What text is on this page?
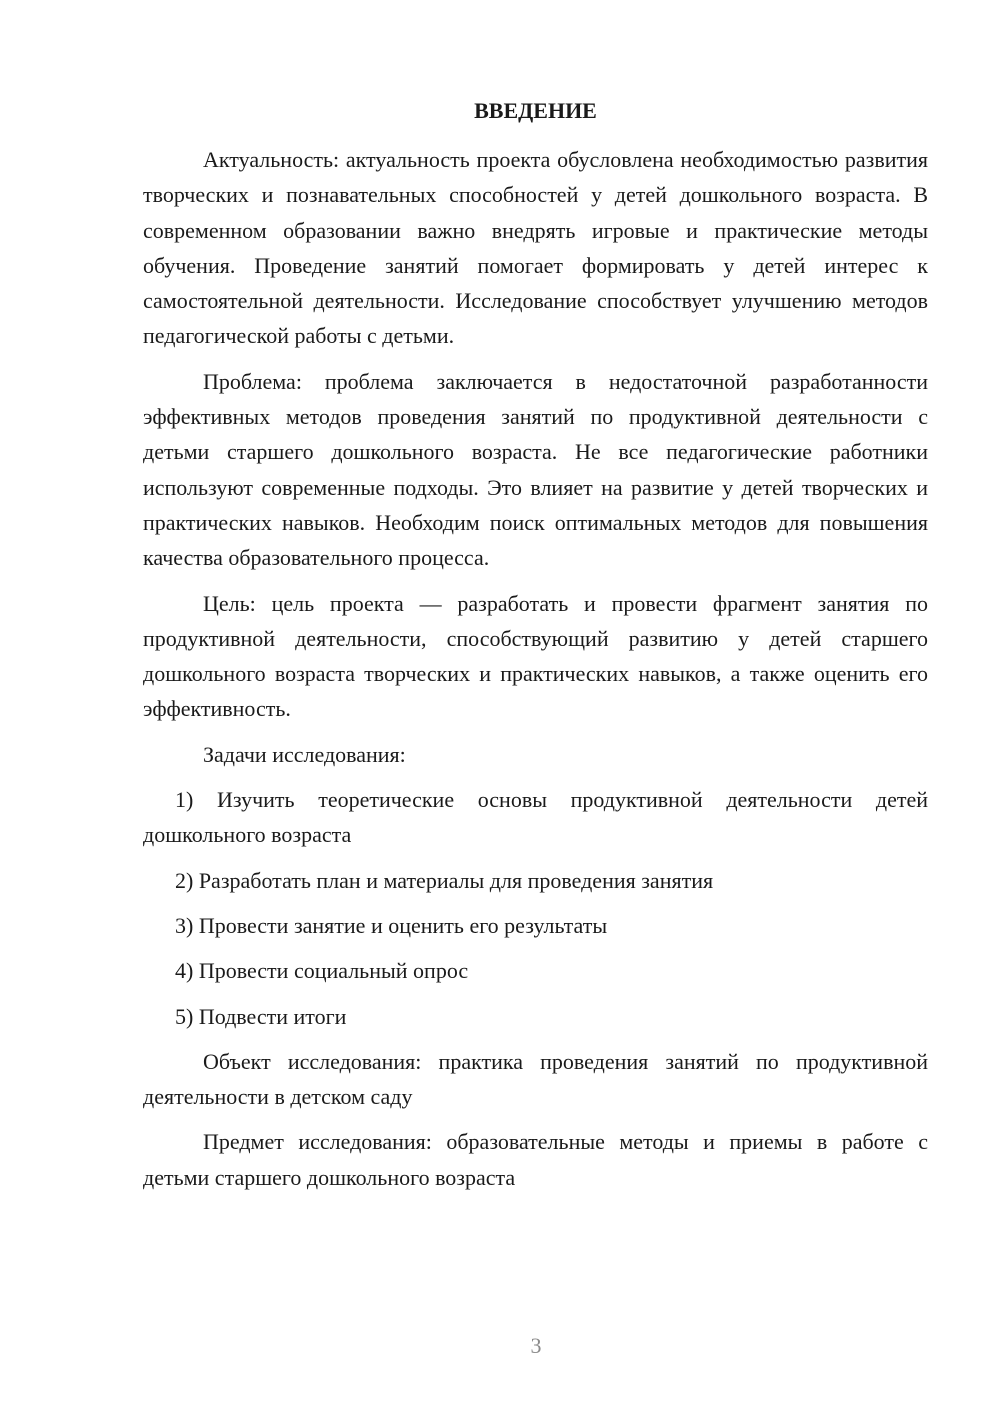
ВВЕДЕНИЕ

Актуальность: актуальность проекта обусловлена необходимостью развития творческих и познавательных способностей у детей дошкольного возраста. В современном образовании важно внедрять игровые и практические методы обучения. Проведение занятий помогает формировать у детей интерес к самостоятельной деятельности. Исследование способствует улучшению методов педагогической работы с детьми.

Проблема: проблема заключается в недостаточной разработанности эффективных методов проведения занятий по продуктивной деятельности с детьми старшего дошкольного возраста. Не все педагогические работники используют современные подходы. Это влияет на развитие у детей творческих и практических навыков. Необходим поиск оптимальных методов для повышения качества образовательного процесса.

Цель: цель проекта — разработать и провести фрагмент занятия по продуктивной деятельности, способствующий развитию у детей старшего дошкольного возраста творческих и практических навыков, а также оценить его эффективность.

Задачи исследования:

1) Изучить теоретические основы продуктивной деятельности детей дошкольного возраста

2) Разработать план и материалы для проведения занятия

3) Провести занятие и оценить его результаты

4) Провести социальный опрос

5) Подвести итоги

Объект исследования: практика проведения занятий по продуктивной деятельности в детском саду

Предмет исследования: образовательные методы и приемы в работе с детьми старшего дошкольного возраста

3
